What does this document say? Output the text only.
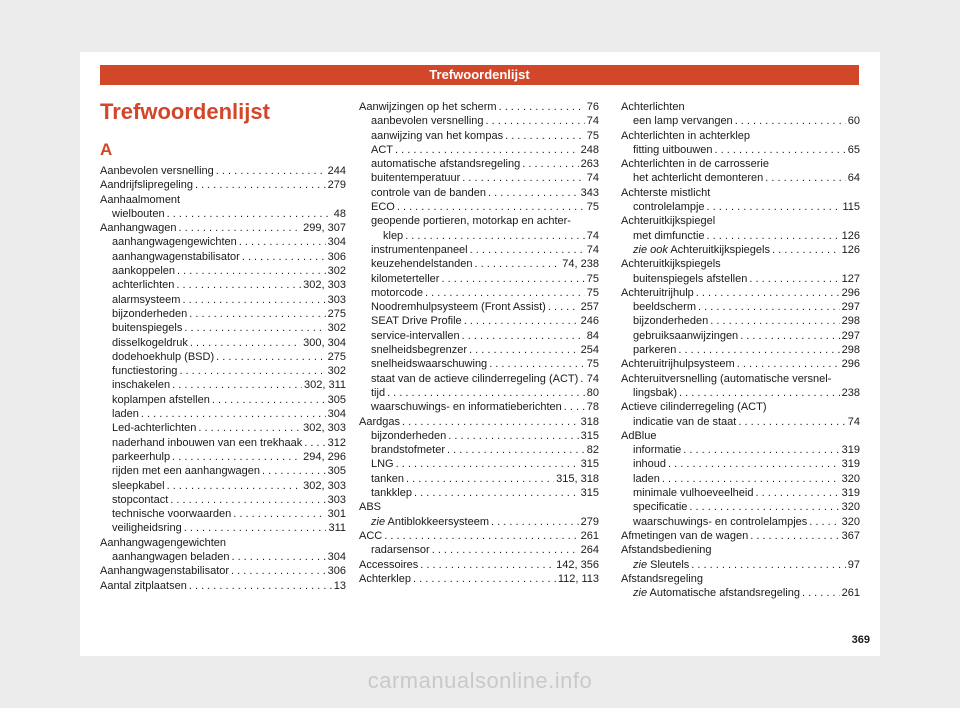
Trefwoordenlijst
Trefwoordenlijst
A
Aanbevolen versnelling . . .	244
Aandrijfslipregeling . . .	279
Aanhaalmoment
wielbouten . . .	48
Aanhangwagen . . .	299, 307
aanhangwagengewichten . . .	304
aanhangwagenstabilisator . . .	306
aankoppelen . . .	302
achterlichten . . .	302, 303
alarmsysteem . . .	303
bijzonderheden . . .	275
buitenspiegels . . .	302
disselkogeldruk . . .	300, 304
dodehoekhulp (BSD) . . .	275
functiestoring . . .	302
inschakelen . . .	302, 311
koplampen afstellen . . .	305
laden . . .	304
Led-achterlichten . . .	302, 303
naderhand inbouwen van een trekhaak . . . 312
parkeerhulp . . .	294, 296
rijden met een aanhangwagen . . .	305
sleepkabel . . .	302, 303
stopcontact . . .	303
technische voorwaarden . . .	301
veiligheidsring . . .	311
Aanhangwagengewichten
aanhangwagen beladen . . .	304
Aanhangwagenstabilisator . . .	306
Aantal zitplaatsen . . .	13
Aanwijzingen op het scherm . . .	76
aanbevolen versnelling . . .	74
aanwijzing van het kompas . . .	75
ACT . . .	248
automatische afstandsregeling . . .	263
buitentemperatuur . . .	74
controle van de banden . . .	343
ECO . . .	75
geopende portieren, motorkap en achter-
klep . . .	74
instrumentenpaneel . . .	74
keuzehendelstanden . . .	74, 238
kilometerteller . . .	75
motorcode . . .	75
Noodremhulpsysteem (Front Assist) . . .	257
SEAT Drive Profile . . .	246
service-intervallen . . .	84
snelheidsbegrenzer . . .	254
snelheidswaarschuwing . . .	75
staat van de actieve cilinderregeling (ACT) . . . 74
tijd . . .	80
waarschuwings- en informatieberichten . . . 78
Aardgas . . .	318
bijzonderheden . . .	315
brandstofmeter . . .	82
LNG . . .	315
tanken . . .	315, 318
tankklep . . .	315
ABS
zie Antiblokkeersysteem . . .	279
ACC . . .	261
radarsensor . . .	264
Accessoires . . .	142, 356
Achterklep . . .	112, 113
Achterlichten
een lamp vervangen . . .	60
Achterlichten in achterklep
fitting uitbouwen . . .	65
Achterlichten in de carrosserie
het achterlicht demonteren . . .	64
Achterste mistlicht
controlelampje . . .	115
Achteruitkijkspiegel
met dimfunctie . . .	126
zie ook Achteruitkijkspiegels . . .	126
Achteruitkijkspiegels
buitenspiegels afstellen . . .	127
Achteruitrijhulp . . .	296
beeldscherm . . .	297
bijzonderheden . . .	298
gebruiksaanwijzingen . . .	297
parkeren . . .	298
Achteruitrijhulpsysteem . . .	296
Achteruitversnelling (automatische versnel-
lingsbak) . . .	238
Actieve cilinderregeling (ACT)
indicatie van de staat . . .	74
AdBlue
informatie . . .	319
inhoud . . .	319
laden . . .	320
minimale vulhoeveelheid . . .	319
specificatie . . .	320
waarschuwings- en controlelampjes . . .	320
Afmetingen van de wagen . . .	367
Afstandsbediening
zie Sleutels . . .	97
Afstandsregeling
zie Automatische afstandsregeling . . .	261
369
carmanualsonline.info
